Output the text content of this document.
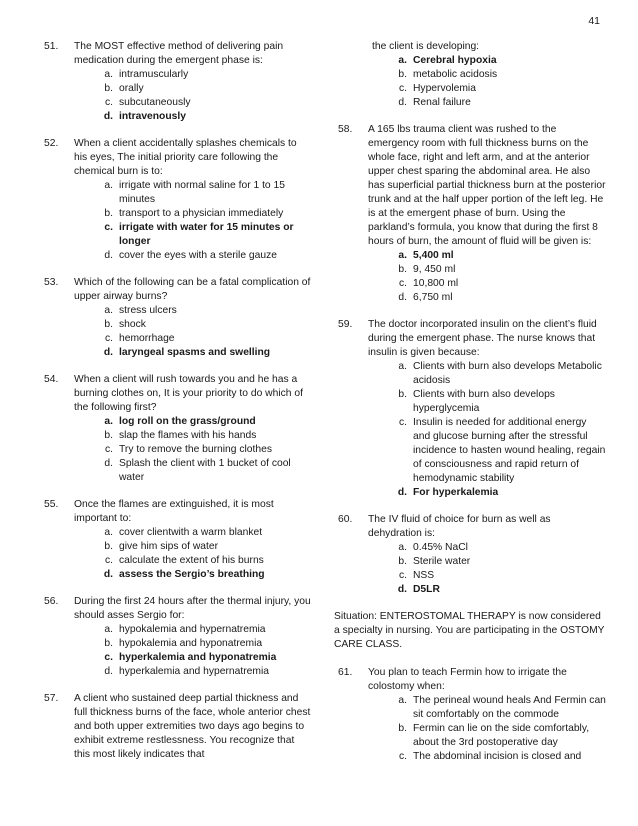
41
51.	The MOST effective method of delivering pain medication during the emergent phase is:
a. intramuscularly
b. orally
c. subcutaneously
d. intravenously
52.	When a client accidentally splashes chemicals to his eyes, The initial priority care following the chemical burn is to:
a. irrigate with normal saline for 1 to 15 minutes
b. transport to a physician immediately
c. irrigate with water for 15 minutes or longer
d. cover the eyes with a sterile gauze
53.	Which of the following can be a fatal complication of upper airway burns?
a. stress ulcers
b. shock
c. hemorrhage
d. laryngeal spasms and swelling
54.	When a client will rush towards you and he has a burning clothes on, It is your priority to do which of the following first?
a. log roll on the grass/ground
b. slap the flames with his hands
c. Try to remove the burning clothes
d. Splash the client with 1 bucket of cool water
55.	Once the flames are extinguished, it is most important to:
a. cover clientwith a warm blanket
b. give him sips of water
c. calculate the extent of his burns
d. assess the Sergio’s breathing
56.	During the first 24 hours after the thermal injury, you should asses Sergio for:
a. hypokalemia and hypernatremia
b. hypokalemia and hyponatremia
c. hyperkalemia and hyponatremia
d. hyperkalemia and hypernatremia
57.	A client who sustained deep partial thickness and full thickness burns of the face, whole anterior chest and both upper extremities two days ago begins to exhibit extreme restlessness. You recognize that this most likely indicates that
the client is developing:
a. Cerebral hypoxia
b. metabolic acidosis
c. Hypervolemia
d. Renal failure
58.	A 165 lbs trauma client was rushed to the emergency room with full thickness burns on the whole face, right and left arm, and at the anterior upper chest sparing the abdominal area. He also has superficial partial thickness burn at the posterior trunk and at the half upper portion of the left leg. He is at the emergent phase of burn. Using the parkland’s formula, you know that during the first 8 hours of burn, the amount of fluid will be given is:
a. 5,400 ml
b. 9, 450 ml
c. 10,800 ml
d. 6,750 ml
59.	The doctor incorporated insulin on the client’s fluid during the emergent phase. The nurse knows that insulin is given because:
a. Clients with burn also develops Metabolic acidosis
b. Clients with burn also develops hyperglycemia
c. Insulin is needed for additional energy and glucose burning after the stressful incidence to hasten wound healing, regain of consciousness and rapid return of hemodynamic stability
d. For hyperkalemia
60.	The IV fluid of choice for burn as well as dehydration is:
a. 0.45% NaCl
b. Sterile water
c. NSS
d. D5LR
Situation: ENTEROSTOMAL THERAPY is now considered a specialty in nursing. You are participating in the OSTOMY CARE CLASS.
61.	You plan to teach Fermin how to irrigate the colostomy when:
a. The perineal wound heals And Fermin can sit comfortably on the commode
b. Fermin can lie on the side comfortably, about the 3rd postoperative day
c. The abdominal incision is closed and
